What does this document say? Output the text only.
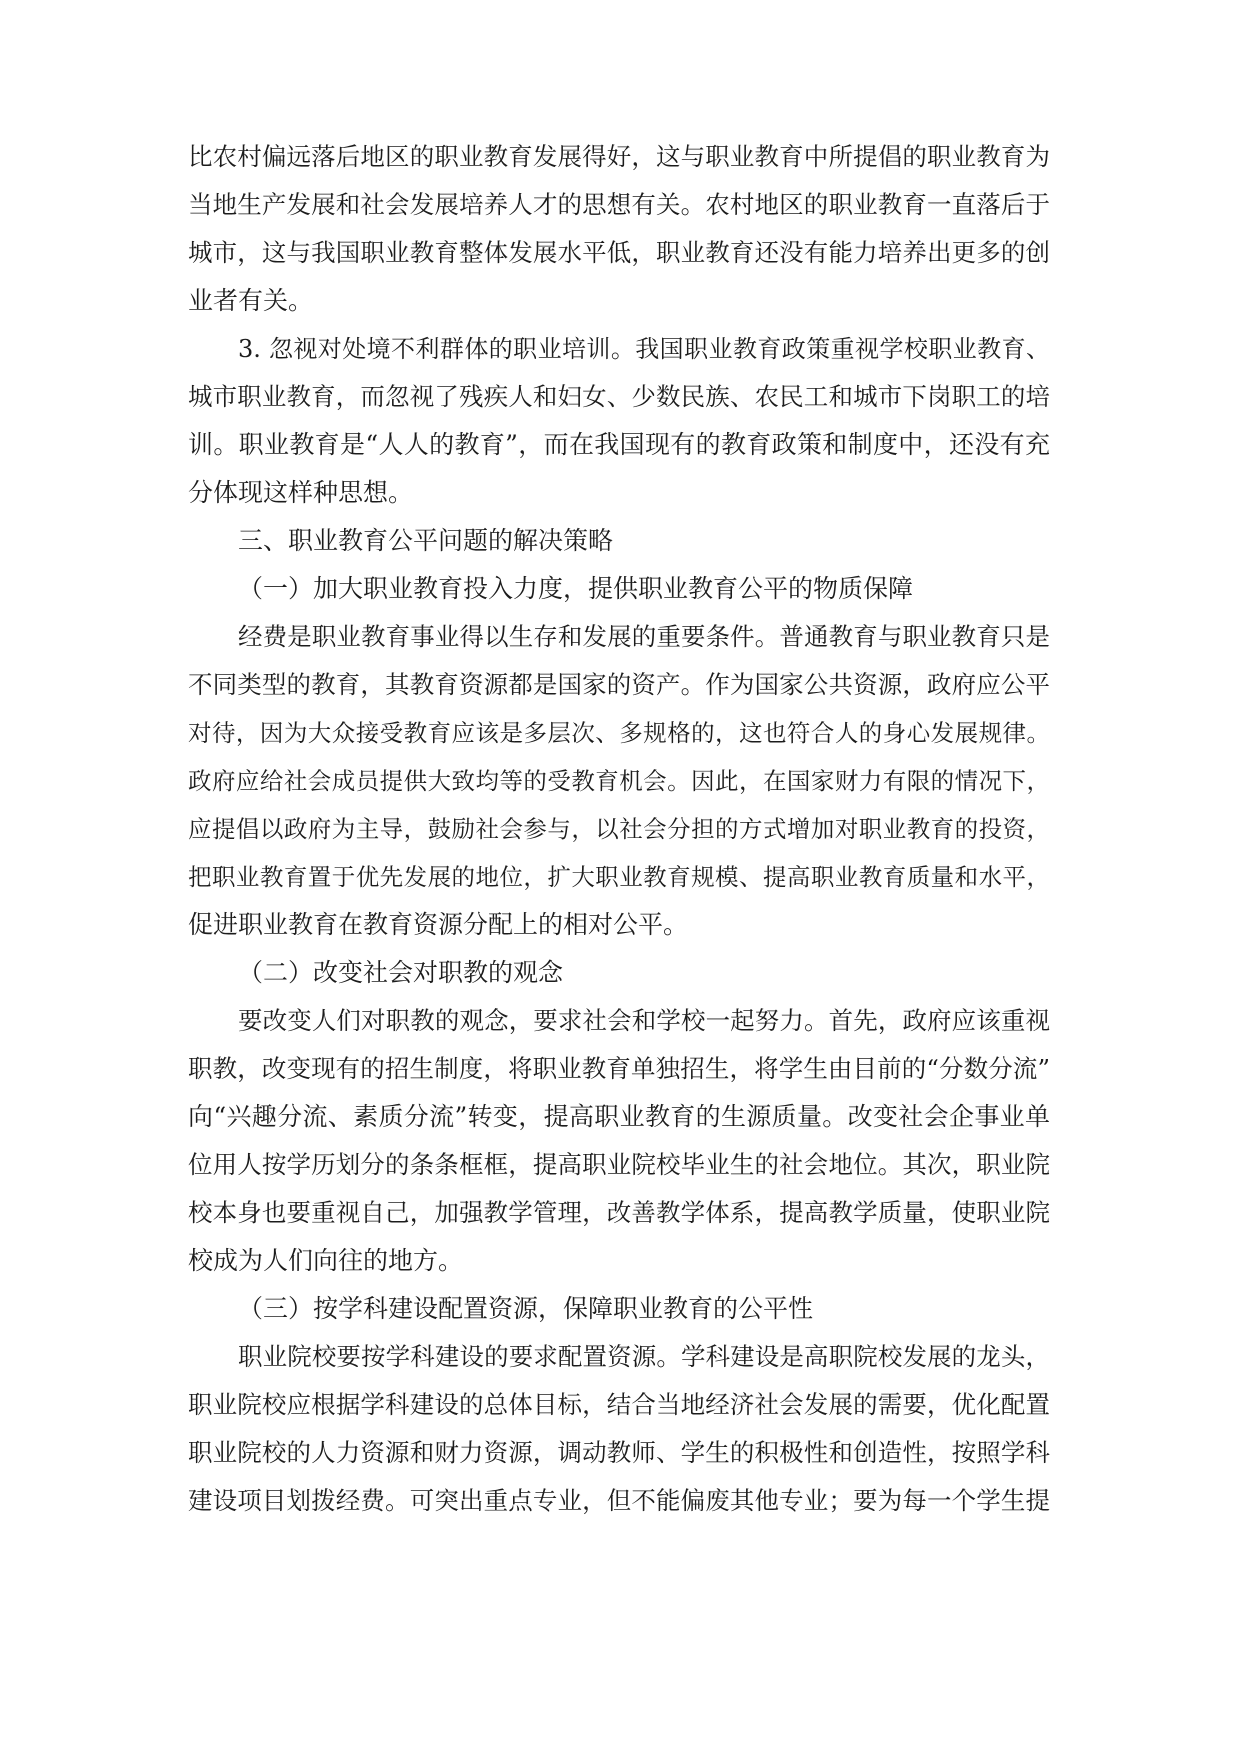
比农村偏远落后地区的职业教育发展得好，这与职业教育中所提倡的职业教育为
当地生产发展和社会发展培养人才的思想有关。农村地区的职业教育一直落后于
城市，这与我国职业教育整体发展水平低，职业教育还没有能力培养出更多的创
业者有关。
3. 忽视对处境不利群体的职业培训。我国职业教育政策重视学校职业教育、
城市职业教育，而忽视了残疾人和妇女、少数民族、农民工和城市下岗职工的培
训。职业教育是“人人的教育”，而在我国现有的教育政策和制度中，还没有充
分体现这样种思想。
三、职业教育公平问题的解决策略
（一）加大职业教育投入力度，提供职业教育公平的物质保障
经费是职业教育事业得以生存和发展的重要条件。普通教育与职业教育只是
不同类型的教育，其教育资源都是国家的资产。作为国家公共资源，政府应公平
对待，因为大众接受教育应该是多层次、多规格的，这也符合人的身心发展规律。
政府应给社会成员提供大致均等的受教育机会。因此，在国家财力有限的情况下，
应提倡以政府为主导，鼓励社会参与，以社会分担的方式增加对职业教育的投资，
把职业教育置于优先发展的地位，扩大职业教育规模、提高职业教育质量和水平，
促进职业教育在教育资源分配上的相对公平。
（二）改变社会对职教的观念
要改变人们对职教的观念，要求社会和学校一起努力。首先，政府应该重视
职教，改变现有的招生制度，将职业教育单独招生，将学生由目前的“分数分流”
向“兴趣分流、素质分流”转变，提高职业教育的生源质量。改变社会企事业单
位用人按学历划分的条条框框，提高职业院校毕业生的社会地位。其次，职业院
校本身也要重视自己，加强教学管理，改善教学体系，提高教学质量，使职业院
校成为人们向往的地方。
（三）按学科建设配置资源，保障职业教育的公平性
职业院校要按学科建设的要求配置资源。学科建设是高职院校发展的龙头，
职业院校应根据学科建设的总体目标，结合当地经济社会发展的需要，优化配置
职业院校的人力资源和财力资源，调动教师、学生的积极性和创造性，按照学科
建设项目划拨经费。可突出重点专业，但不能偏废其他专业；要为每一个学生提
